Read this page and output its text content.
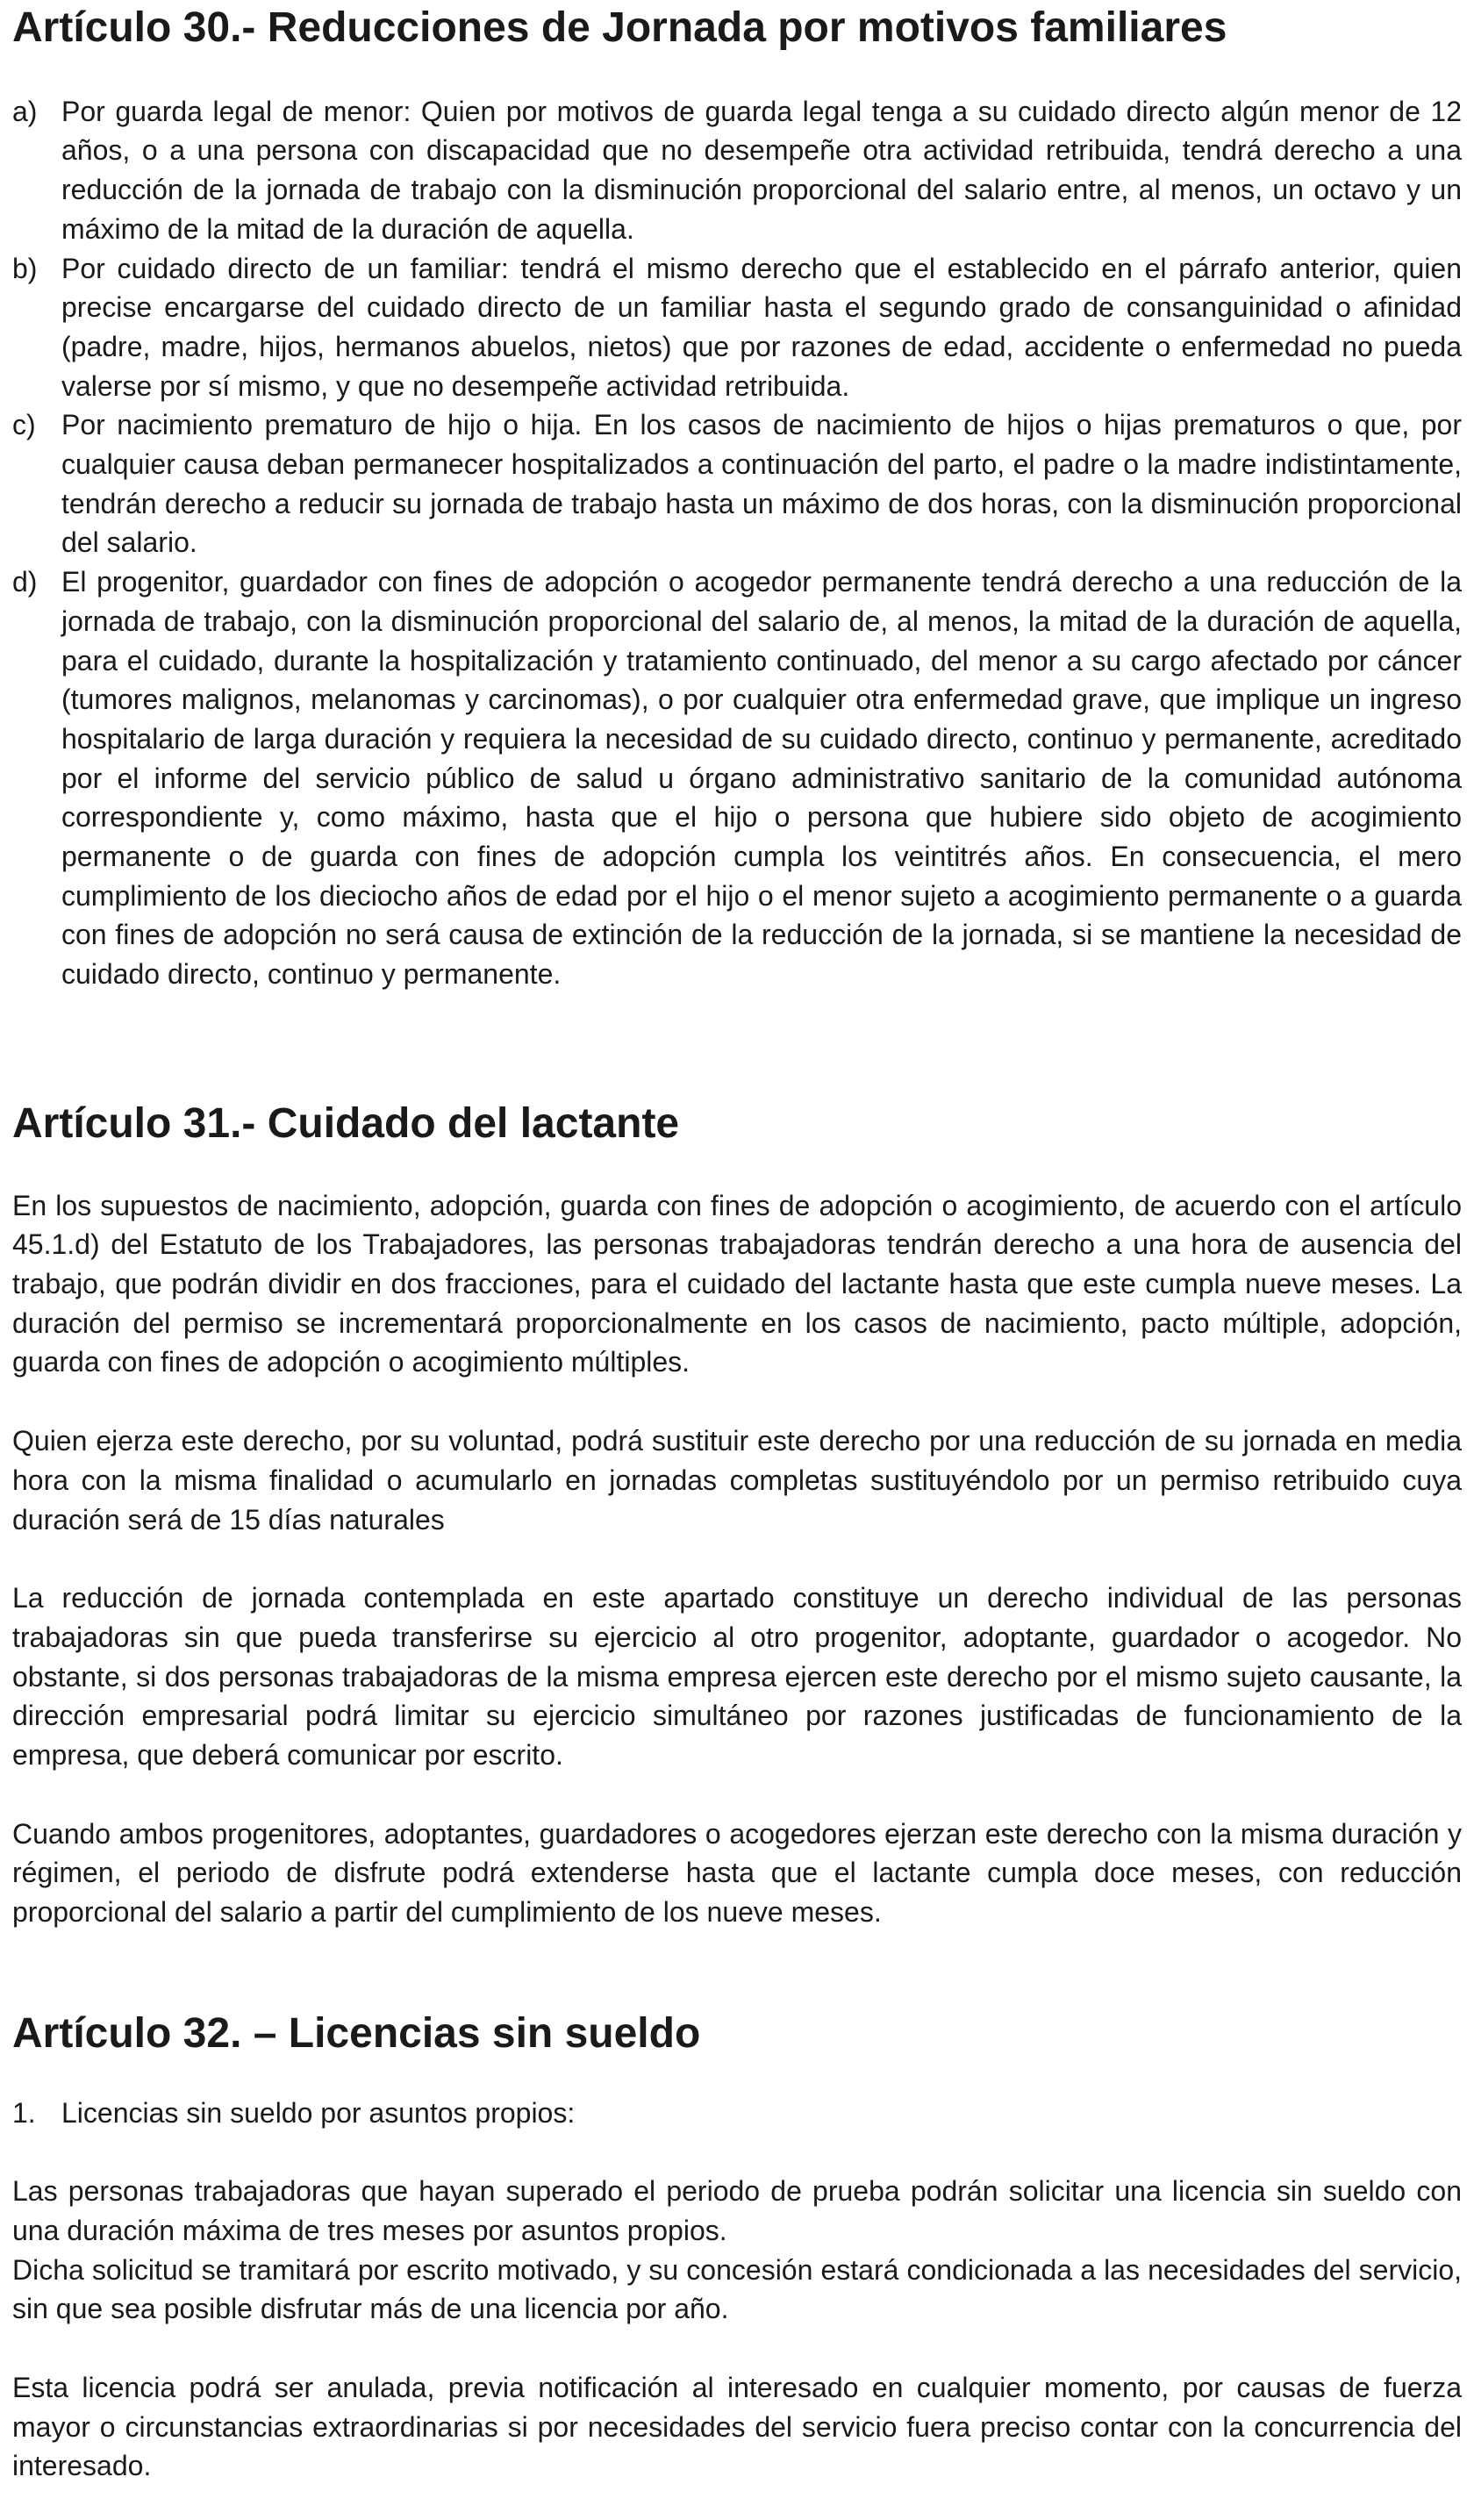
Artículo 30.- Reducciones de Jornada por motivos familiares
a) Por guarda legal de menor: Quien por motivos de guarda legal tenga a su cuidado directo algún menor de 12 años, o a una persona con discapacidad que no desempeñe otra actividad retribuida, tendrá derecho a una reducción de la jornada de trabajo con la disminución proporcional del salario entre, al menos, un octavo y un máximo de la mitad de la duración de aquella.
b) Por cuidado directo de un familiar: tendrá el mismo derecho que el establecido en el párrafo anterior, quien precise encargarse del cuidado directo de un familiar hasta el segundo grado de consanguinidad o afinidad (padre, madre, hijos, hermanos abuelos, nietos) que por razones de edad, accidente o enfermedad no pueda valerse por sí mismo, y que no desempeñe actividad retribuida.
c) Por nacimiento prematuro de hijo o hija. En los casos de nacimiento de hijos o hijas prematuros o que, por cualquier causa deban permanecer hospitalizados a continuación del parto, el padre o la madre indistintamente, tendrán derecho a reducir su jornada de trabajo hasta un máximo de dos horas, con la disminución proporcional del salario.
d) El progenitor, guardador con fines de adopción o acogedor permanente tendrá derecho a una reducción de la jornada de trabajo, con la disminución proporcional del salario de, al menos, la mitad de la duración de aquella, para el cuidado, durante la hospitalización y tratamiento continuado, del menor a su cargo afectado por cáncer (tumores malignos, melanomas y carcinomas), o por cualquier otra enfermedad grave, que implique un ingreso hospitalario de larga duración y requiera la necesidad de su cuidado directo, continuo y permanente, acreditado por el informe del servicio público de salud u órgano administrativo sanitario de la comunidad autónoma correspondiente y, como máximo, hasta que el hijo o persona que hubiere sido objeto de acogimiento permanente o de guarda con fines de adopción cumpla los veintitrés años. En consecuencia, el mero cumplimiento de los dieciocho años de edad por el hijo o el menor sujeto a acogimiento permanente o a guarda con fines de adopción no será causa de extinción de la reducción de la jornada, si se mantiene la necesidad de cuidado directo, continuo y permanente.
Artículo 31.- Cuidado del lactante

En los supuestos de nacimiento, adopción, guarda con fines de adopción o acogimiento, de acuerdo con el artículo 45.1.d) del Estatuto de los Trabajadores, las personas trabajadoras tendrán derecho a una hora de ausencia del trabajo, que podrán dividir en dos fracciones, para el cuidado del lactante hasta que este cumpla nueve meses. La duración del permiso se incrementará proporcionalmente en los casos de nacimiento, pacto múltiple, adopción, guarda con fines de adopción o acogimiento múltiples.

Quien ejerza este derecho, por su voluntad, podrá sustituir este derecho por una reducción de su jornada en media hora con la misma finalidad o acumularlo en jornadas completas sustituyéndolo por un permiso retribuido cuya duración será de 15 días naturales

La reducción de jornada contemplada en este apartado constituye un derecho individual de las personas trabajadoras sin que pueda transferirse su ejercicio al otro progenitor, adoptante, guardador o acogedor. No obstante, si dos personas trabajadoras de la misma empresa ejercen este derecho por el mismo sujeto causante, la dirección empresarial podrá limitar su ejercicio simultáneo por razones justificadas de funcionamiento de la empresa, que deberá comunicar por escrito.

Cuando ambos progenitores, adoptantes, guardadores o acogedores ejerzan este derecho con la misma duración y régimen, el periodo de disfrute podrá extenderse hasta que el lactante cumpla doce meses, con reducción proporcional del salario a partir del cumplimiento de los nueve meses.

Artículo 32. – Licencias sin sueldo
1. Licencias sin sueldo por asuntos propios:

Las personas trabajadoras que hayan superado el periodo de prueba podrán solicitar una licencia sin sueldo con una duración máxima de tres meses por asuntos propios.

Dicha solicitud se tramitará por escrito motivado, y su concesión estará condicionada a las necesidades del servicio, sin que sea posible disfrutar más de una licencia por año.

Esta licencia podrá ser anulada, previa notificación al interesado en cualquier momento, por causas de fuerza mayor o circunstancias extraordinarias si por necesidades del servicio fuera preciso contar con la concurrencia del interesado.
